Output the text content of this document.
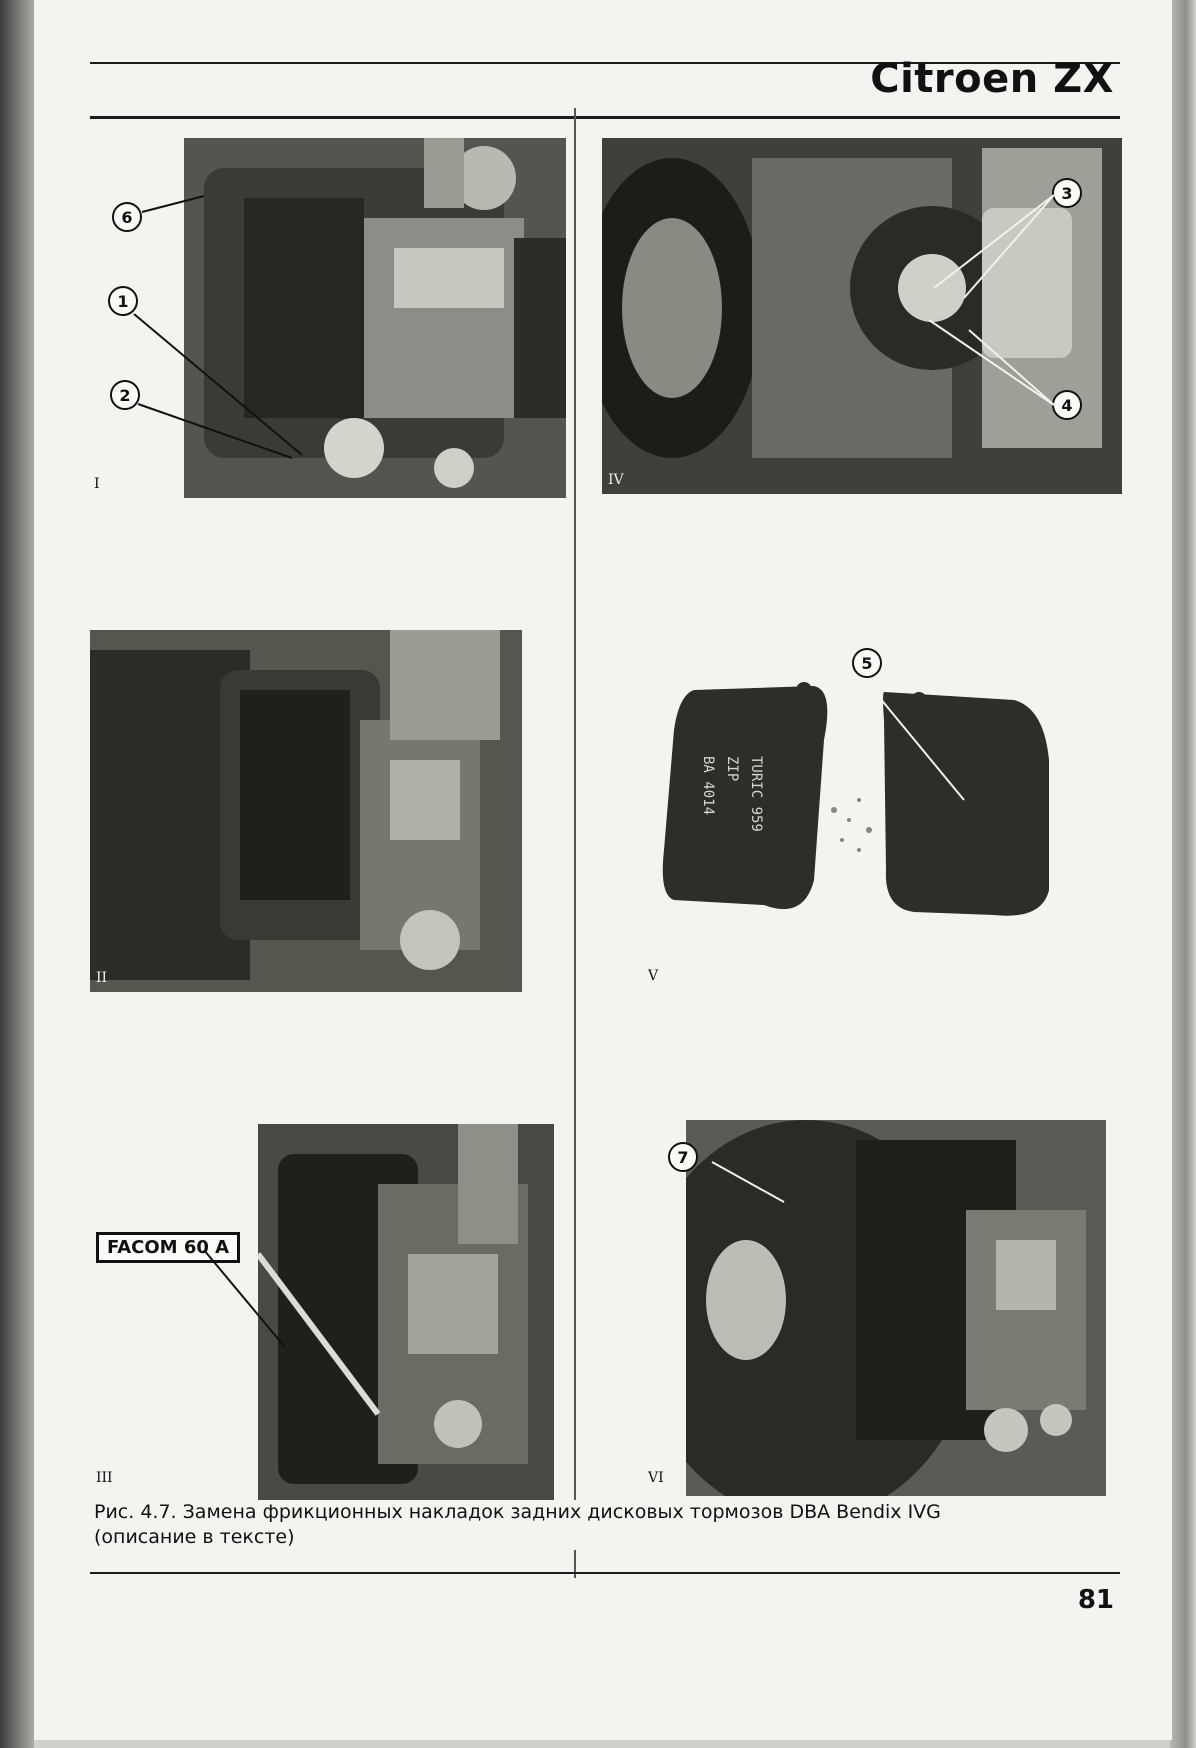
Citroen ZX
6
1
2
I
3
4
IV
II
TURIC 959
ZIP
BA 4014
5
V
FACOM 60 A
III
7
VI
Рис. 4.7. Замена фрикционных накладок задних дисковых тормозов DBA Bendix IVG
(описание в тексте)
81
